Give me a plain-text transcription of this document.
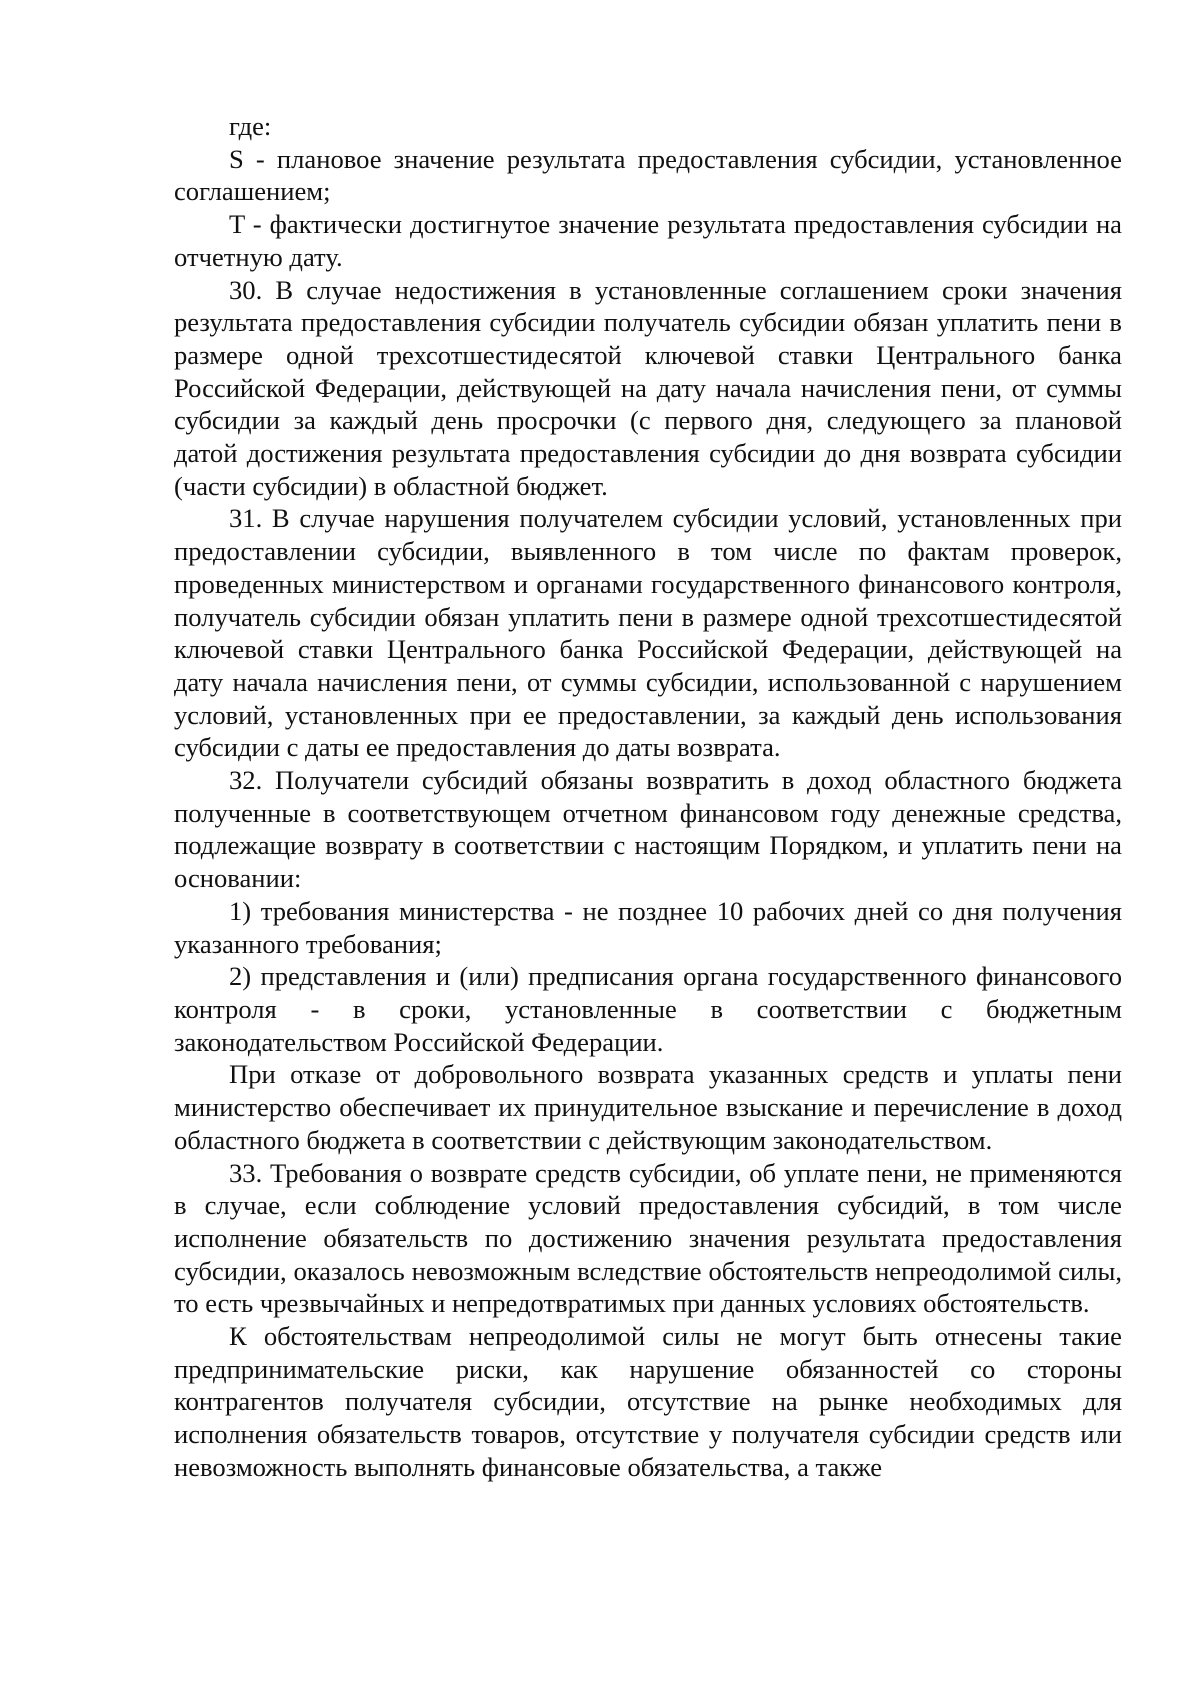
где:

S - плановое значение результата предоставления субсидии, установленное соглашением;

T - фактически достигнутое значение результата предоставления субсидии на отчетную дату.

30. В случае недостижения в установленные соглашением сроки значения результата предоставления субсидии получатель субсидии обязан уплатить пени в размере одной трехсотшестидесятой ключевой ставки Центрального банка Российской Федерации, действующей на дату начала начисления пени, от суммы субсидии за каждый день просрочки (с первого дня, следующего за плановой датой достижения результата предоставления субсидии до дня возврата субсидии (части субсидии) в областной бюджет.

31. В случае нарушения получателем субсидии условий, установленных при предоставлении субсидии, выявленного в том числе по фактам проверок, проведенных министерством и органами государственного финансового контроля, получатель субсидии обязан уплатить пени в размере одной трехсотшестидесятой ключевой ставки Центрального банка Российской Федерации, действующей на дату начала начисления пени, от суммы субсидии, использованной с нарушением условий, установленных при ее предоставлении, за каждый день использования субсидии с даты ее предоставления до даты возврата.

32. Получатели субсидий обязаны возвратить в доход областного бюджета полученные в соответствующем отчетном финансовом году денежные средства, подлежащие возврату в соответствии с настоящим Порядком, и уплатить пени на основании:

1) требования министерства - не позднее 10 рабочих дней со дня получения указанного требования;

2) представления и (или) предписания органа государственного финансового контроля - в сроки, установленные в соответствии с бюджетным законодательством Российской Федерации.

При отказе от добровольного возврата указанных средств и уплаты пени министерство обеспечивает их принудительное взыскание и перечисление в доход областного бюджета в соответствии с действующим законодательством.

33. Требования о возврате средств субсидии, об уплате пени, не применяются в случае, если соблюдение условий предоставления субсидий, в том числе исполнение обязательств по достижению значения результата предоставления субсидии, оказалось невозможным вследствие обстоятельств непреодолимой силы, то есть чрезвычайных и непредотвратимых при данных условиях обстоятельств.

К обстоятельствам непреодолимой силы не могут быть отнесены такие предпринимательские риски, как нарушение обязанностей со стороны контрагентов получателя субсидии, отсутствие на рынке необходимых для исполнения обязательств товаров, отсутствие у получателя субсидии средств или невозможность выполнять финансовые обязательства, а также
